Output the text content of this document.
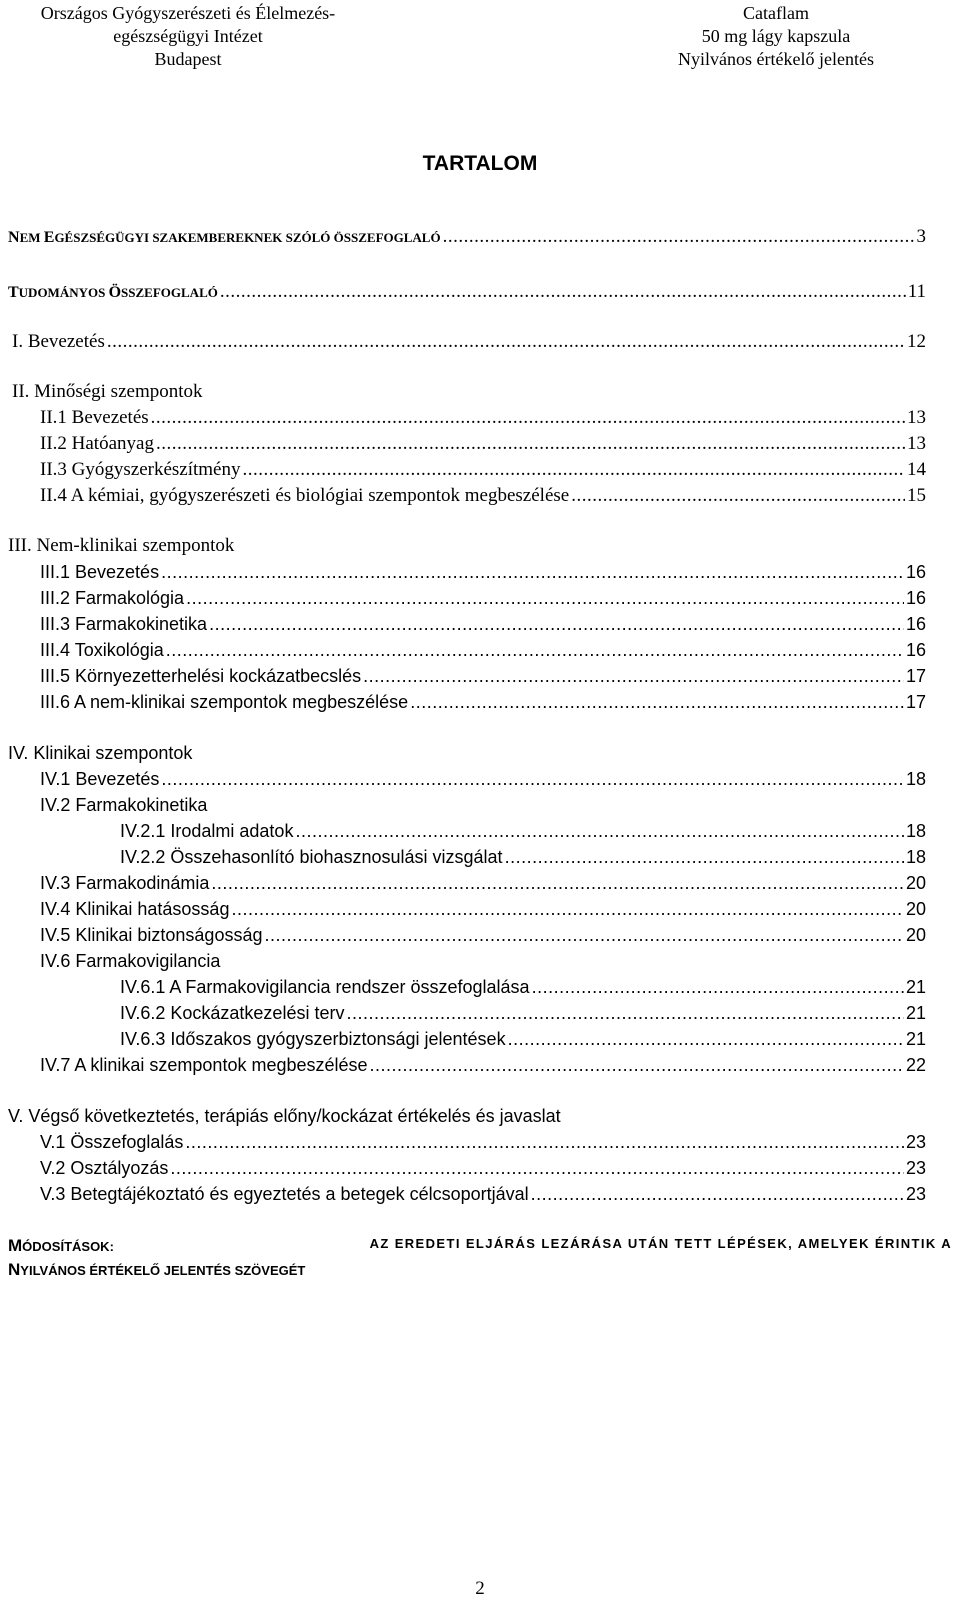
Országos Gyógyszerészeti és Élelmezés-
egészségügyi Intézet
Budapest
Cataflam
50 mg lágy kapszula
Nyilvános értékelő jelentés
TARTALOM
NEM EGÉSZSÉGÜGYI SZAKEMBEREKNEK SZÓLÓ ÖSSZEFOGLALÓ .....	3
TUDOMÁNYOS ÖSSZEFOGLALÓ .....	11
I. Bevezetés .....	12
II. Minőségi szempontok
II.1 Bevezetés .....	13
II.2 Hatóanyag .....	13
II.3 Gyógyszerkészítmény .....	14
II.4 A kémiai, gyógyszerészeti és biológiai szempontok megbeszélése .....	15
III. Nem-klinikai szempontok
III.1 Bevezetés .....	16
III.2 Farmakológia .....	16
III.3 Farmakokinetika .....	16
III.4 Toxikológia .....	16
III.5 Környezetterhelési kockázatbecslés .....	17
III.6 A nem-klinikai szempontok megbeszélése .....	17
IV. Klinikai szempontok
IV.1 Bevezetés .....	18
IV.2 Farmakokinetika
IV.2.1 Irodalmi adatok .....	18
IV.2.2 Összehasonlító biohasznosulási vizsgálat .....	18
IV.3 Farmakodinámia .....	20
IV.4 Klinikai hatásosság .....	20
IV.5 Klinikai biztonságosság .....	20
IV.6 Farmakovigilancia
IV.6.1 A Farmakovigilancia rendszer összefoglalása .....	21
IV.6.2 Kockázatkezelési terv .....	21
IV.6.3 Időszakos gyógyszerbiztonsági jelentések .....	21
IV.7 A klinikai szempontok megbeszélése .....	22
V. Végső következtetés, terápiás előny/kockázat értékelés és javaslat
V.1 Összefoglalás .....	23
V.2 Osztályozás .....	23
V.3 Betegtájékoztató és egyeztetés a betegek célcsoportjával .....	23
MÓDOSÍTÁSOK:	AZ EREDETI ELJÁRÁS LEZÁRÁSA UTÁN TETT LÉPÉSEK, AMELYEK ÉRINTIK A
NYILVÁNOS ÉRTÉKELŐ JELENTÉS SZÖVEGÉT
2
